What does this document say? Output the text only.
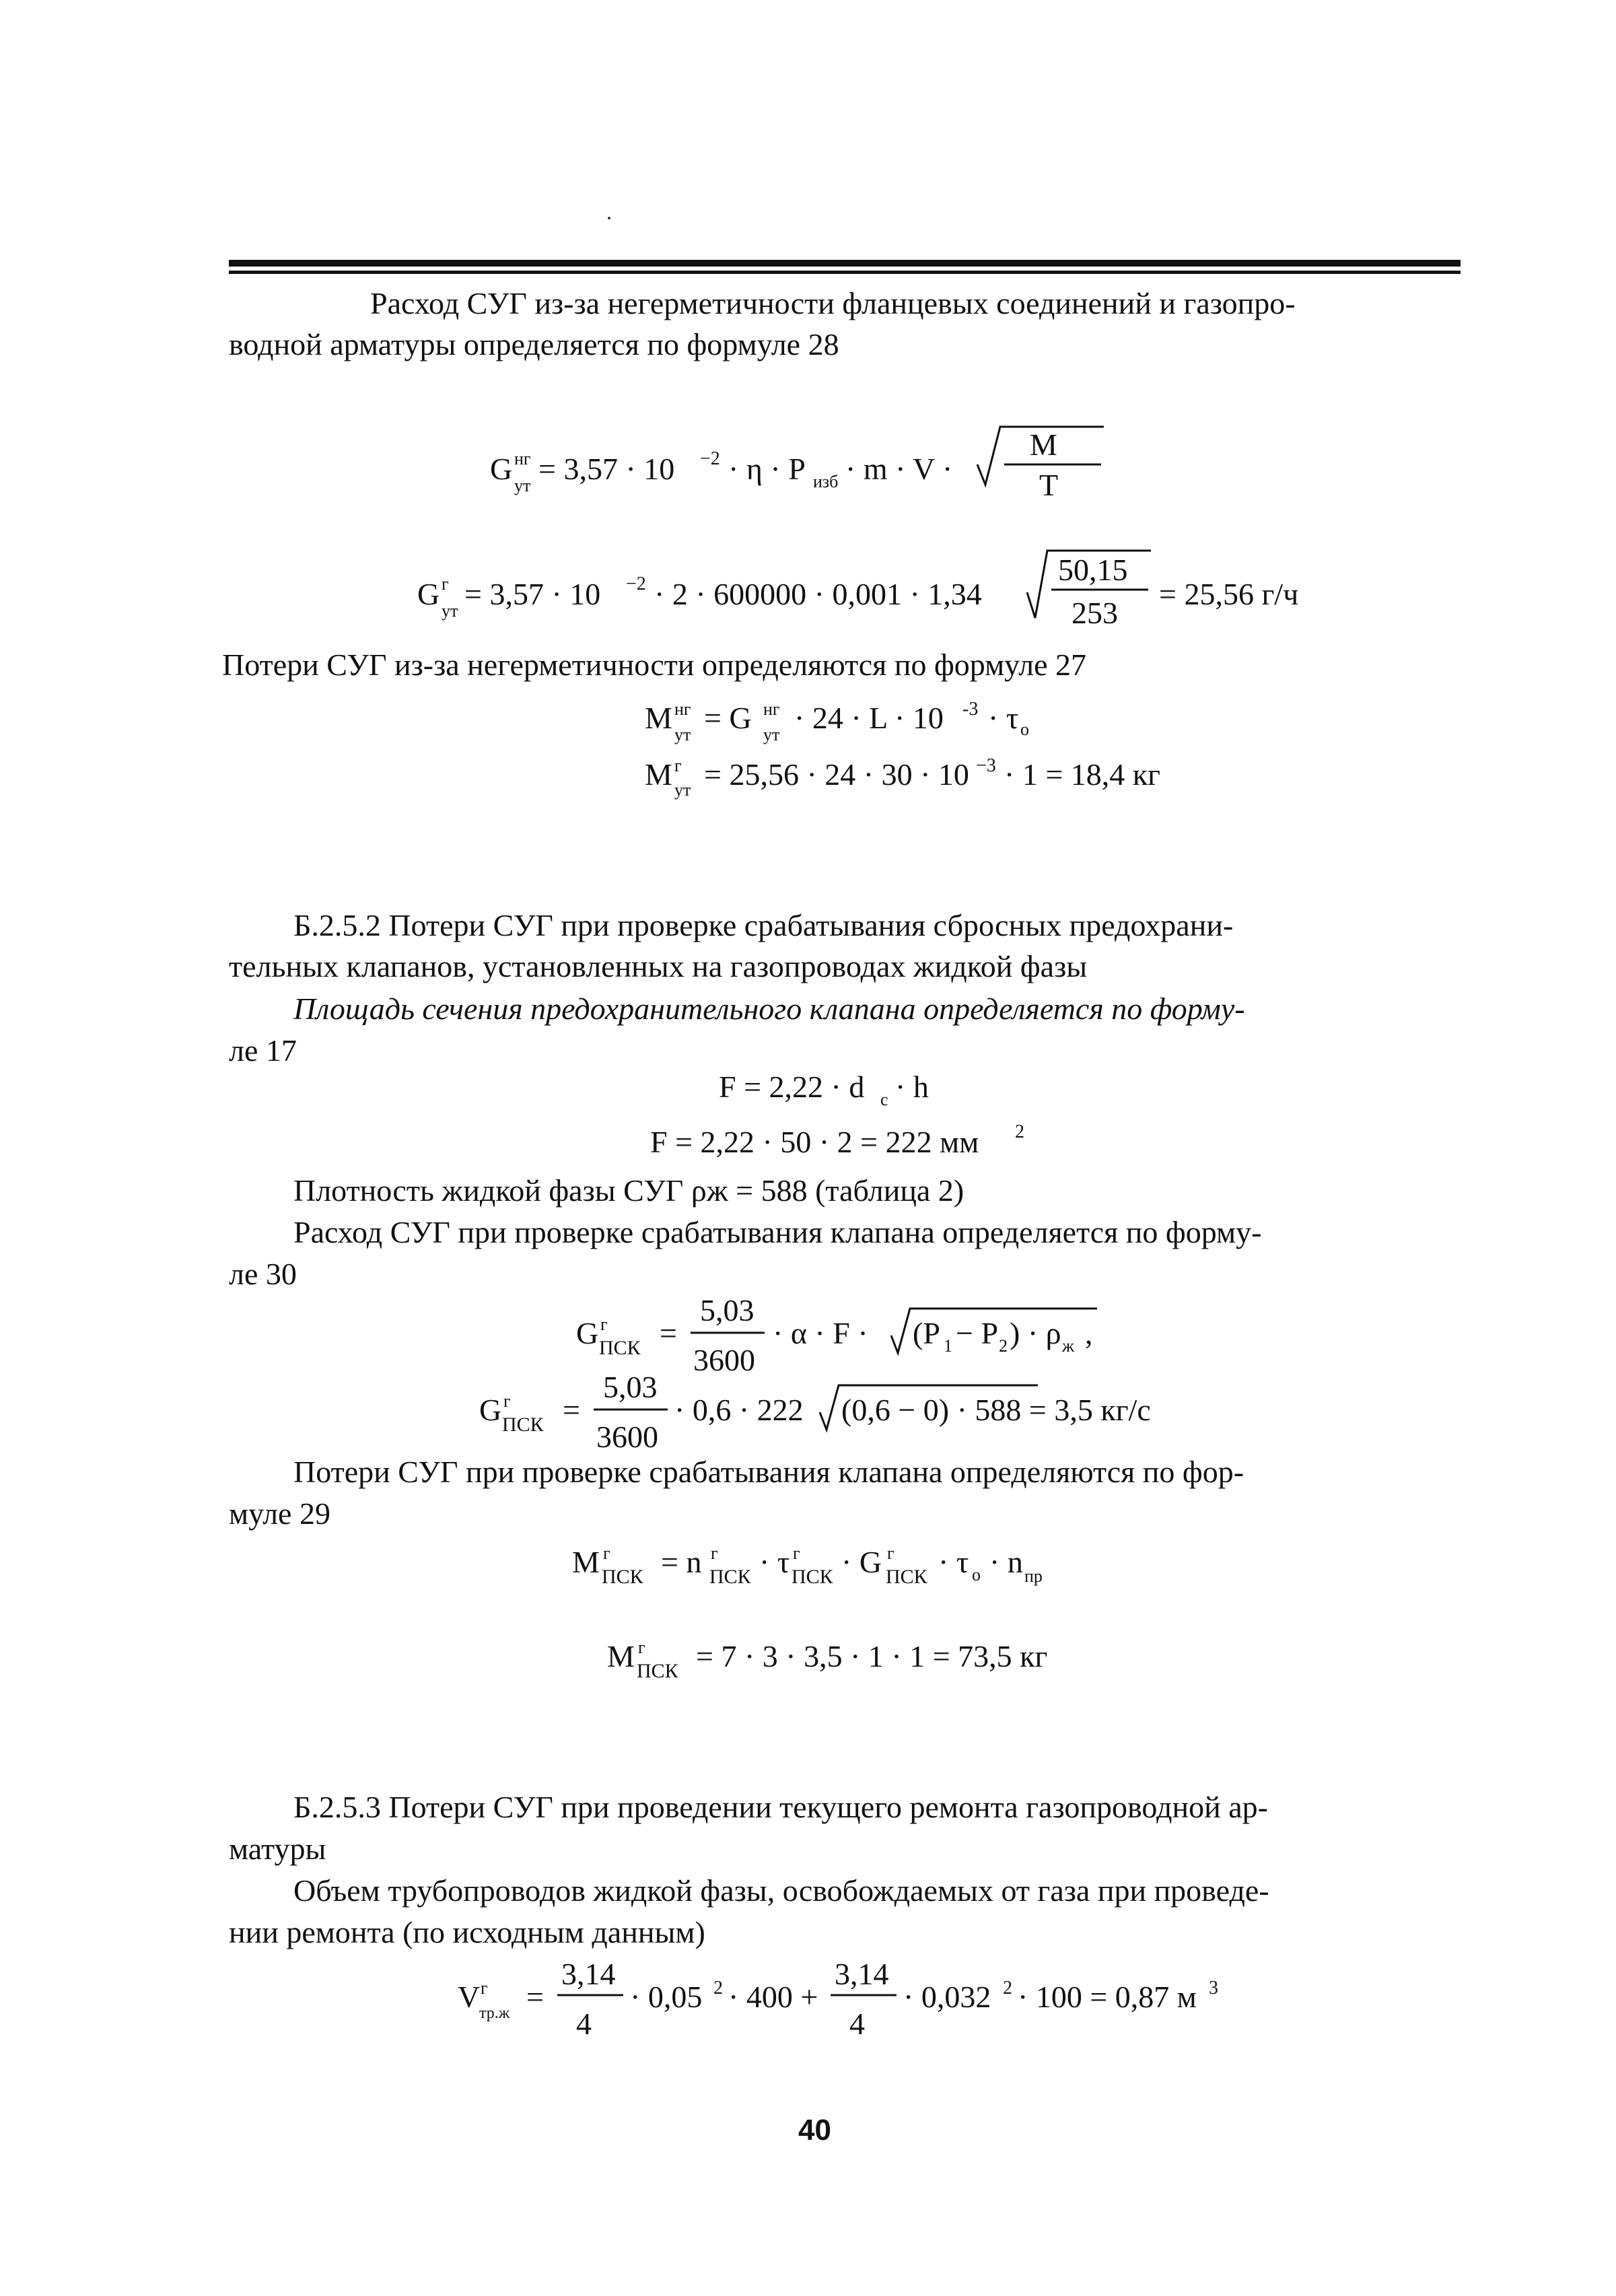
Расход СУГ из-за негерметичности фланцевых соединений и газопро-
водной арматуры определяется по формуле 28
G нг
ут = 3,57 · 10 −2 · η · P изб · m · V ·
M
T
G г
ут = 3,57 · 10 −2 · 2 · 600000 · 0,001 · 1,34
50,15
253
= 25,56 г/ч
Потери СУГ из-за негерметичности определяются по формуле 27
M нг
ут = G нг
ут · 24 · L · 10 -3 · τ о
M г
ут = 25,56 · 24 · 30 · 10 −3 · 1 = 18,4 кг
Б.2.5.2 Потери СУГ при проверке срабатывания сбросных предохрани-
тельных клапанов, установленных на газопроводах жидкой фазы
Площадь сечения предохранительного клапана определяется по форму-
ле 17
F = 2,22 · d с · h
F = 2,22 · 50 · 2 = 222 мм 2
Плотность жидкой фазы СУГ ρж = 588 (таблица 2)
Расход СУГ при проверке срабатывания клапана определяется по форму-
ле 30
G г
ПСК =
5,03
3600
· α · F · (P 1 − P 2 ) · ρ ж ,
G г
ПСК =
5,03
3600
· 0,6 · 222 (0,6 − 0) · 588 = 3,5 кг/с
Потери СУГ при проверке срабатывания клапана определяются по фор-
муле 29
M г
ПСК = n г
ПСК · τ г
ПСК · G г
ПСК · τ о · n пр
M г
ПСК = 7 · 3 · 3,5 · 1 · 1 = 73,5 кг
Б.2.5.3 Потери СУГ при проведении текущего ремонта газопроводной ар-
матуры
Объем трубопроводов жидкой фазы, освобождаемых от газа при проведе-
нии ремонта (по исходным данным)
V г
тр.ж =
3,14
4
· 0,05 2 · 400 +
3,14
4
· 0,032 2 · 100 = 0,87 м 3
40
